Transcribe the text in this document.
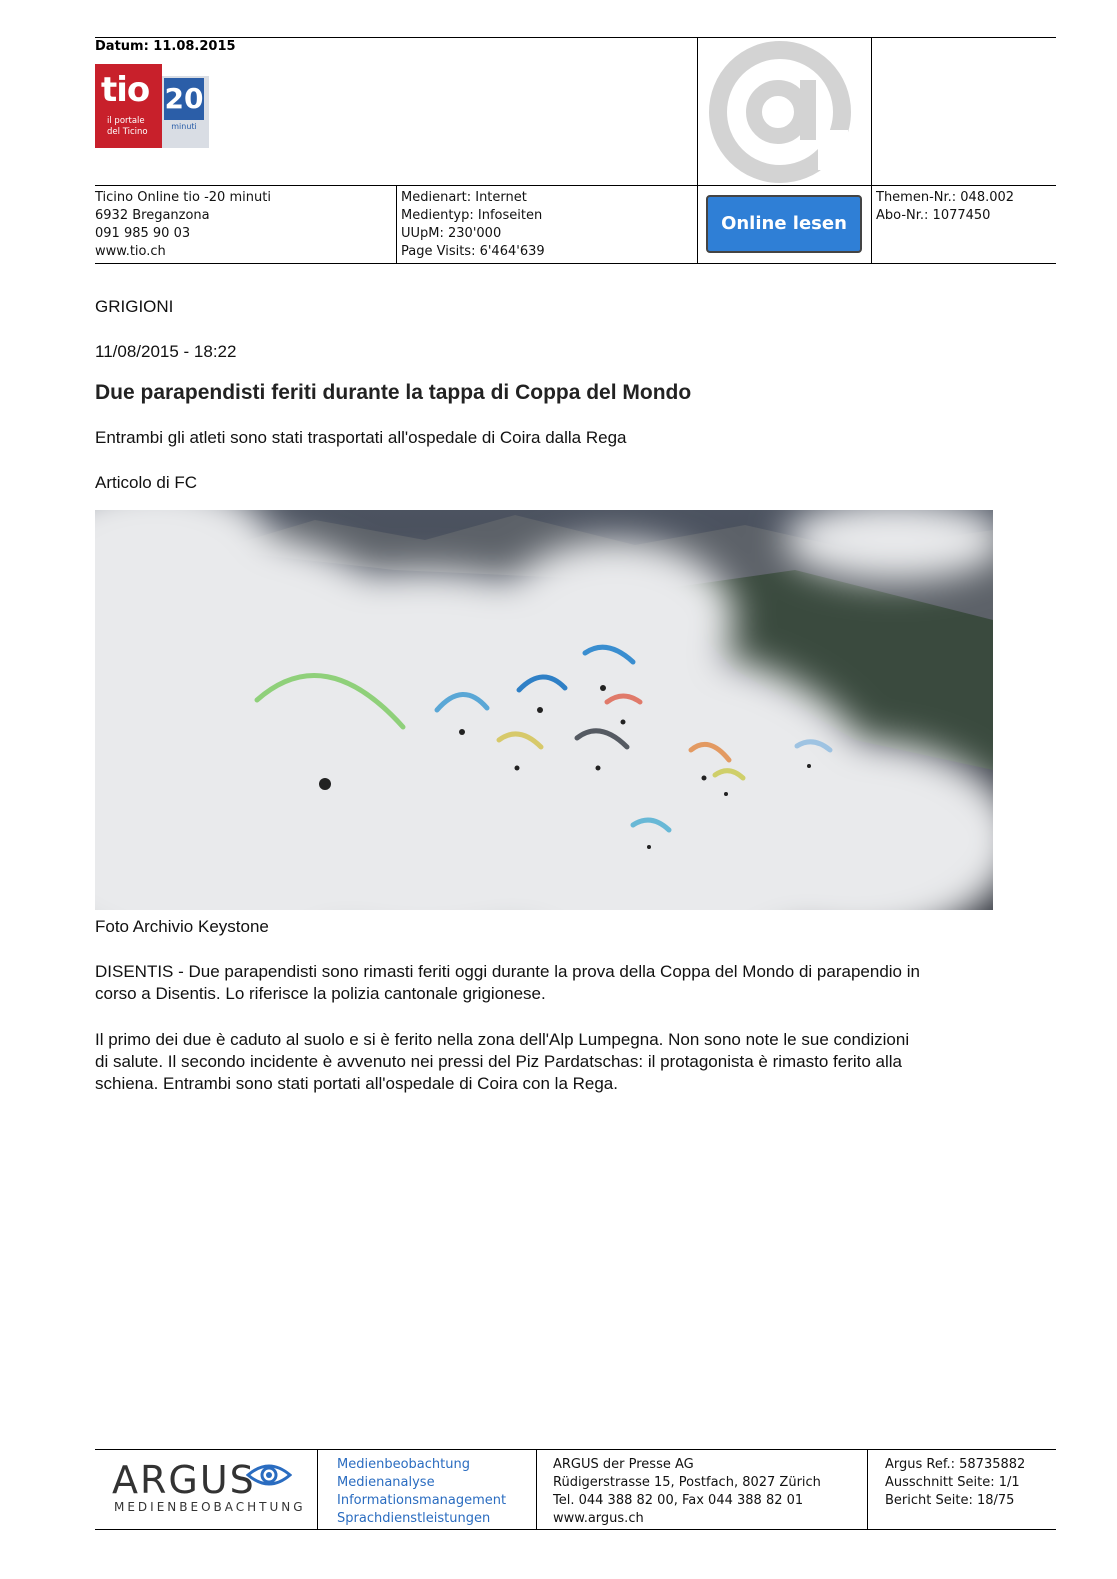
Datum: 11.08.2015
tio
il portale
del Ticino
20
minuti
Ticino Online tio -20 minuti
6932 Breganzona
091 985 90 03
www.tio.ch
Medienart: Internet
Medientyp: Infoseiten
UUpM: 230'000
Page Visits: 6'464'639
Online lesen
Themen-Nr.: 048.002
Abo-Nr.: 1077450
GRIGIONI
11/08/2015 - 18:22
Due parapendisti feriti durante la tappa di Coppa del Mondo
Entrambi gli atleti sono stati trasportati all'ospedale di Coira dalla Rega
Articolo di FC
Foto Archivio Keystone
DISENTIS - Due parapendisti sono rimasti feriti oggi durante la prova della Coppa del Mondo di parapendio in
corso a Disentis. Lo riferisce la polizia cantonale grigionese.
Il primo dei due è caduto al suolo e si è ferito nella zona dell'Alp Lumpegna. Non sono note le sue condizioni
di salute. Il secondo incidente è avvenuto nei pressi del Piz Pardatschas: il protagonista è rimasto ferito alla
schiena. Entrambi sono stati portati all'ospedale di Coira con la Rega.
ARGUS
MEDIENBEOBACHTUNG
Medienbeobachtung
Medienanalyse
Informationsmanagement
Sprachdienstleistungen
ARGUS der Presse AG
Rüdigerstrasse 15, Postfach, 8027 Zürich
Tel. 044 388 82 00, Fax 044 388 82 01
www.argus.ch
Argus Ref.: 58735882
Ausschnitt Seite: 1/1
Bericht Seite: 18/75
